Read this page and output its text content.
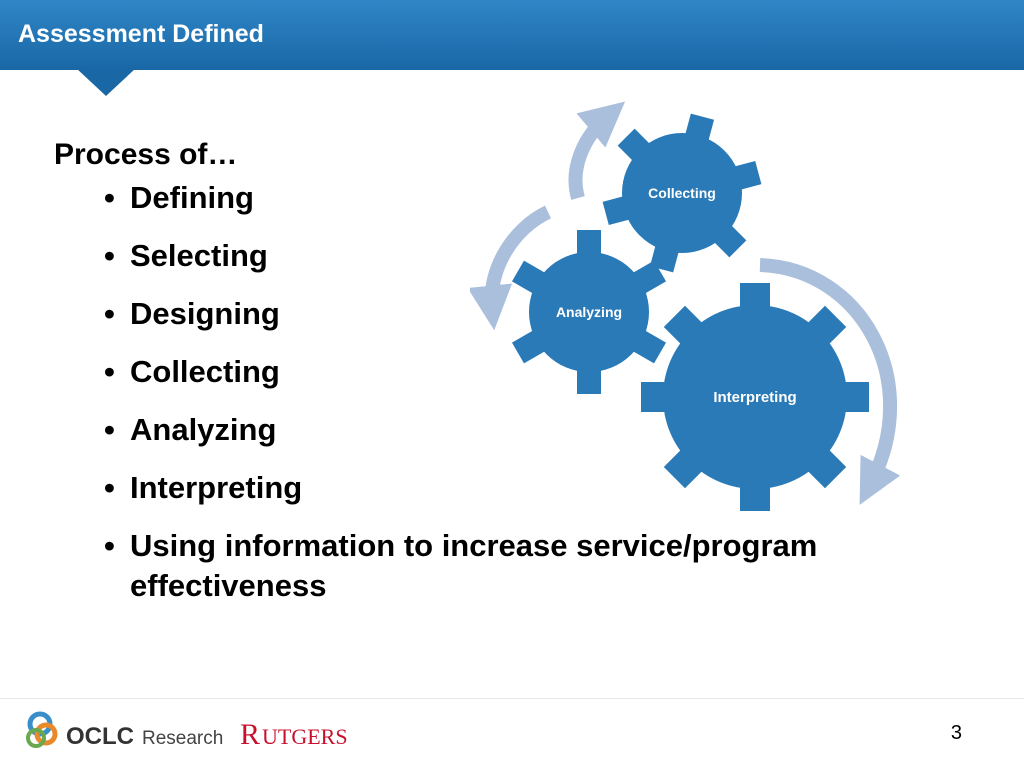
Assessment Defined
Process of…
• Defining
• Selecting
• Designing
• Collecting
• Analyzing
• Interpreting
• Using information to increase service/program effectiveness
Interpreting
Analyzing
Collecting
OCLC Research R UTGERS	3
